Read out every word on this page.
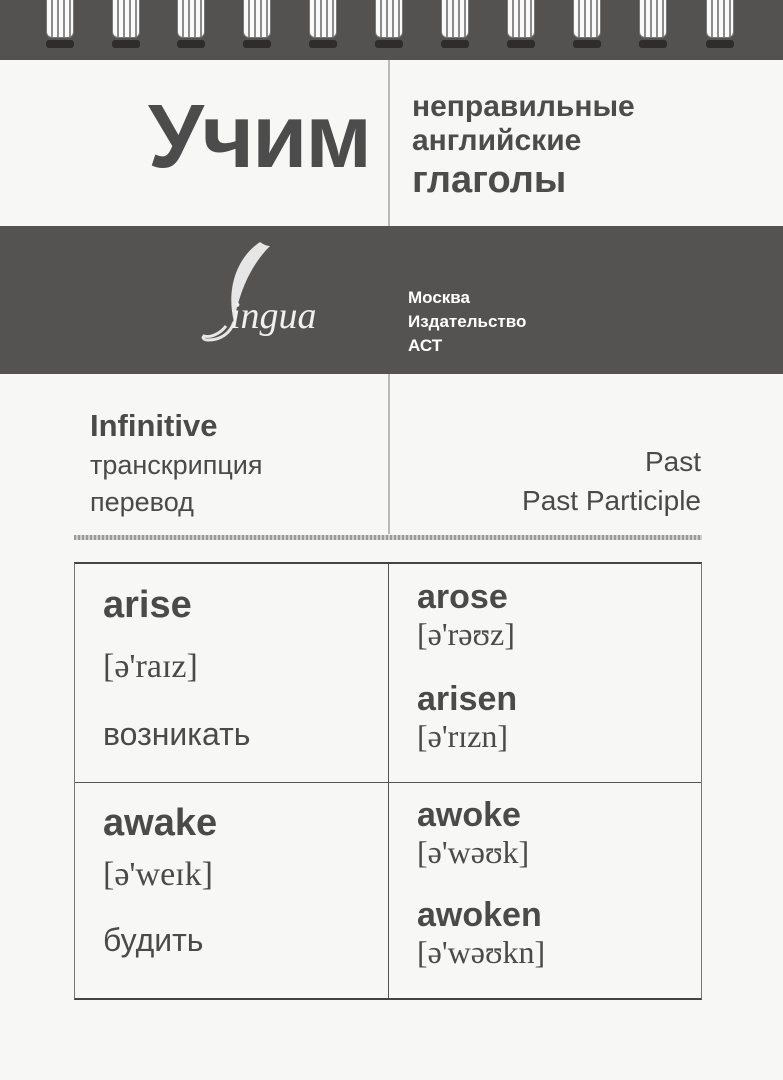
Учим неправильные
английские
глаголы
ingua	Москва
Издательство
АСТ
Infinitive
транскрипция
перевод
Past
Past Participle
arise
[ə'raɪz]
возникать
arose
[ə'rəʊz]
arisen
[ə'rɪzn]
awake
[ə'weɪk]
будить
awoke
[ə'wəʊk]
awoken
[ə'wəʊkn]
